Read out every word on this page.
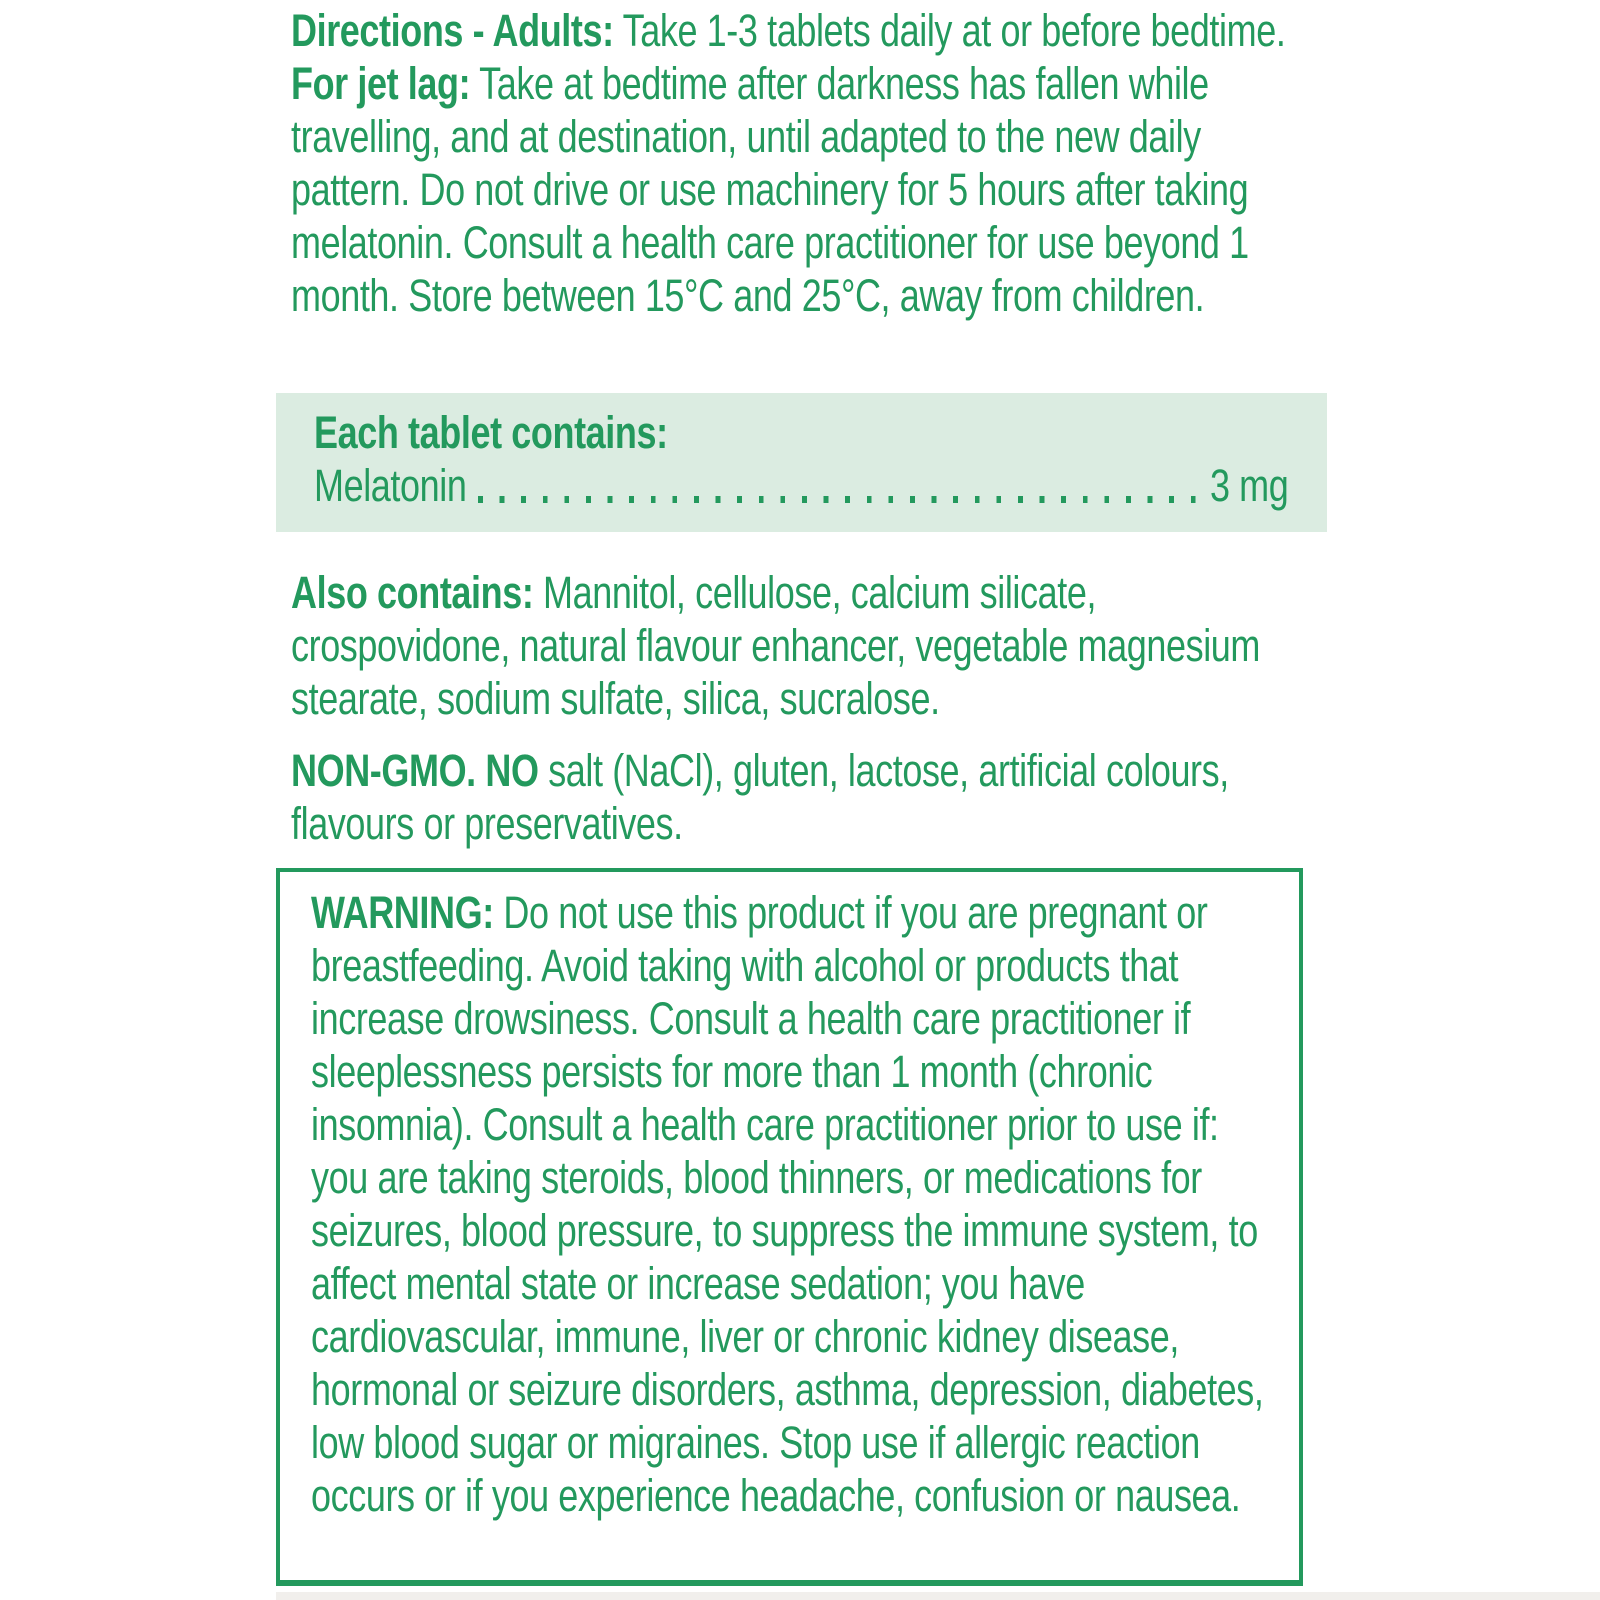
Directions - Adults: Take 1-3 tablets daily at or before bedtime. For jet lag: Take at bedtime after darkness has fallen while travelling, and at destination, until adapted to the new daily pattern. Do not drive or use machinery for 5 hours after taking melatonin. Consult a health care practitioner for use beyond 1 month. Store between 15°C and 25°C, away from children.
Each tablet contains:
Melatonin	3 mg
Also contains: Mannitol, cellulose, calcium silicate, crospovidone, natural flavour enhancer, vegetable magnesium stearate, sodium sulfate, silica, sucralose.
NON-GMO. NO salt (NaCl), gluten, lactose, artificial colours, flavours or preservatives.
WARNING: Do not use this product if you are pregnant or breastfeeding. Avoid taking with alcohol or products that increase drowsiness. Consult a health care practitioner if sleeplessness persists for more than 1 month (chronic insomnia). Consult a health care practitioner prior to use if: you are taking steroids, blood thinners, or medications for seizures, blood pressure, to suppress the immune system, to affect mental state or increase sedation; you have cardiovascular, immune, liver or chronic kidney disease, hormonal or seizure disorders, asthma, depression, diabetes, low blood sugar or migraines. Stop use if allergic reaction occurs or if you experience headache, confusion or nausea.
